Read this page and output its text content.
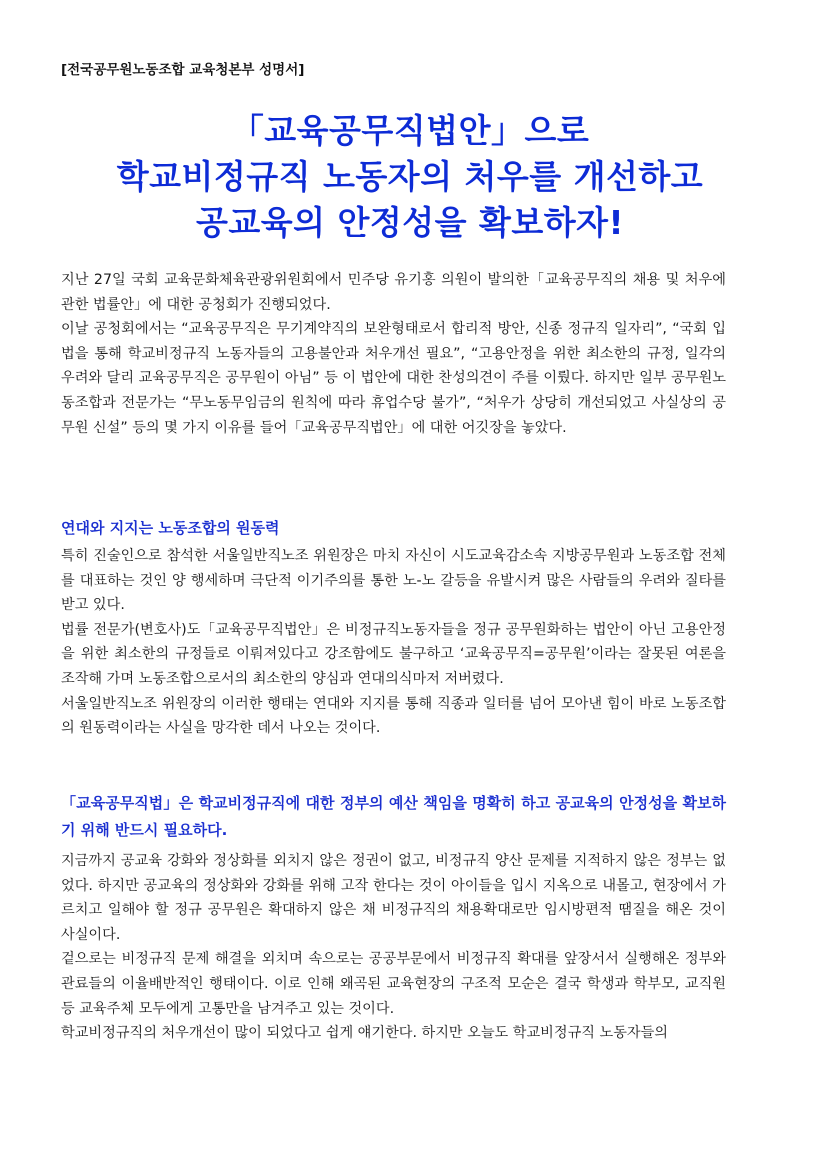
[전국공무원노동조합 교육청본부 성명서]
「교육공무직법안」으로
학교비정규직 노동자의 처우를 개선하고
공교육의 안정성을 확보하자!

지난 27일 국회 교육문화체육관광위원회에서 민주당 유기홍 의원이 발의한「교육공무직의 채용 및 처우에 관한 법률안」에 대한 공청회가 진행되었다.

이날 공청회에서는 “교육공무직은 무기계약직의 보완형태로서 합리적 방안, 신종 정규직 일자리”, “국회 입법을 통해 학교비정규직 노동자들의 고용불안과 처우개선 필요”, “고용안정을 위한 최소한의 규정, 일각의 우려와 달리 교육공무직은 공무원이 아님” 등 이 법안에 대한 찬성의견이 주를 이뤘다. 하지만 일부 공무원노동조합과 전문가는 “무노동무임금의 원칙에 따라 휴업수당 불가”, “처우가 상당히 개선되었고 사실상의 공무원 신설” 등의 몇 가지 이유를 들어「교육공무직법안」에 대한 어깃장을 놓았다.

연대와 지지는 노동조합의 원동력

특히 진술인으로 참석한 서울일반직노조 위원장은 마치 자신이 시도교육감소속 지방공무원과 노동조합 전체를 대표하는 것인 양 행세하며 극단적 이기주의를 통한 노-노 갈등을 유발시켜 많은 사람들의 우려와 질타를 받고 있다.

법률 전문가(변호사)도「교육공무직법안」은 비정규직노동자들을 정규 공무원화하는 법안이 아닌 고용안정을 위한 최소한의 규정들로 이뤄져있다고 강조함에도 불구하고 ‘교육공무직=공무원’이라는 잘못된 여론을 조작해 가며 노동조합으로서의 최소한의 양심과 연대의식마저 저버렸다.

서울일반직노조 위원장의 이러한 행태는 연대와 지지를 통해 직종과 일터를 넘어 모아낸 힘이 바로 노동조합의 원동력이라는 사실을 망각한 데서 나오는 것이다.

「교육공무직법」은 학교비정규직에 대한 정부의 예산 책임을 명확히 하고 공교육의 안정성을 확보하기 위해 반드시 필요하다.

지금까지 공교육 강화와 정상화를 외치지 않은 정권이 없고, 비정규직 양산 문제를 지적하지 않은 정부는 없었다. 하지만 공교육의 정상화와 강화를 위해 고작 한다는 것이 아이들을 입시 지옥으로 내몰고, 현장에서 가르치고 일해야 할 정규 공무원은 확대하지 않은 채 비정규직의 채용확대로만 임시방편적 땜질을 해온 것이 사실이다.

겉으로는 비정규직 문제 해결을 외치며 속으로는 공공부문에서 비정규직 확대를 앞장서서 실행해온 정부와 관료들의 이율배반적인 행태이다. 이로 인해 왜곡된 교육현장의 구조적 모순은 결국 학생과 학부모, 교직원 등 교육주체 모두에게 고통만을 남겨주고 있는 것이다.

학교비정규직의 처우개선이 많이 되었다고 쉽게 얘기한다. 하지만 오늘도 학교비정규직 노동자들의
